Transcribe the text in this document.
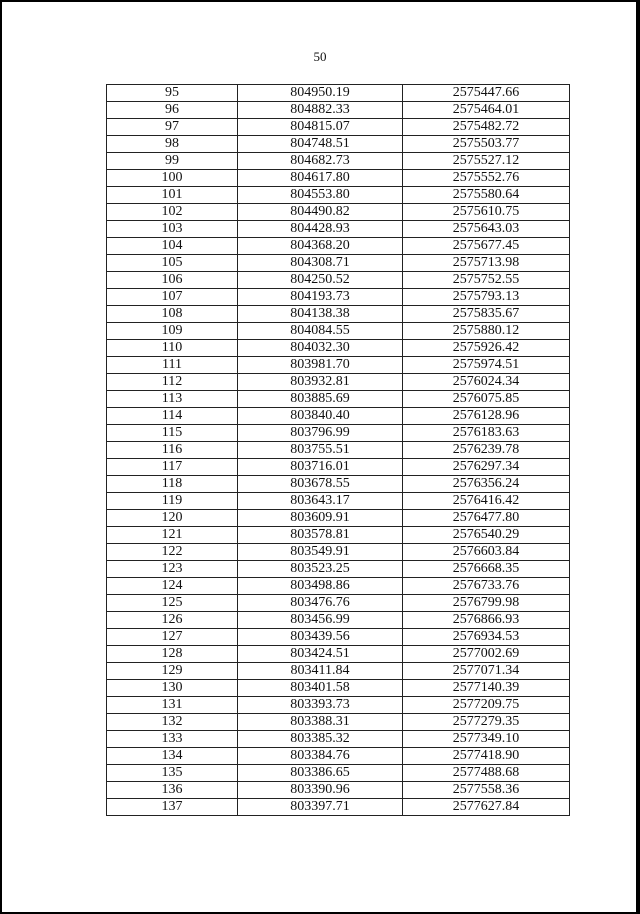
50
95	804950.19	2575447.66
96	804882.33	2575464.01
97	804815.07	2575482.72
98	804748.51	2575503.77
99	804682.73	2575527.12
100	804617.80	2575552.76
101	804553.80	2575580.64
102	804490.82	2575610.75
103	804428.93	2575643.03
104	804368.20	2575677.45
105	804308.71	2575713.98
106	804250.52	2575752.55
107	804193.73	2575793.13
108	804138.38	2575835.67
109	804084.55	2575880.12
110	804032.30	2575926.42
111	803981.70	2575974.51
112	803932.81	2576024.34
113	803885.69	2576075.85
114	803840.40	2576128.96
115	803796.99	2576183.63
116	803755.51	2576239.78
117	803716.01	2576297.34
118	803678.55	2576356.24
119	803643.17	2576416.42
120	803609.91	2576477.80
121	803578.81	2576540.29
122	803549.91	2576603.84
123	803523.25	2576668.35
124	803498.86	2576733.76
125	803476.76	2576799.98
126	803456.99	2576866.93
127	803439.56	2576934.53
128	803424.51	2577002.69
129	803411.84	2577071.34
130	803401.58	2577140.39
131	803393.73	2577209.75
132	803388.31	2577279.35
133	803385.32	2577349.10
134	803384.76	2577418.90
135	803386.65	2577488.68
136	803390.96	2577558.36
137	803397.71	2577627.84
